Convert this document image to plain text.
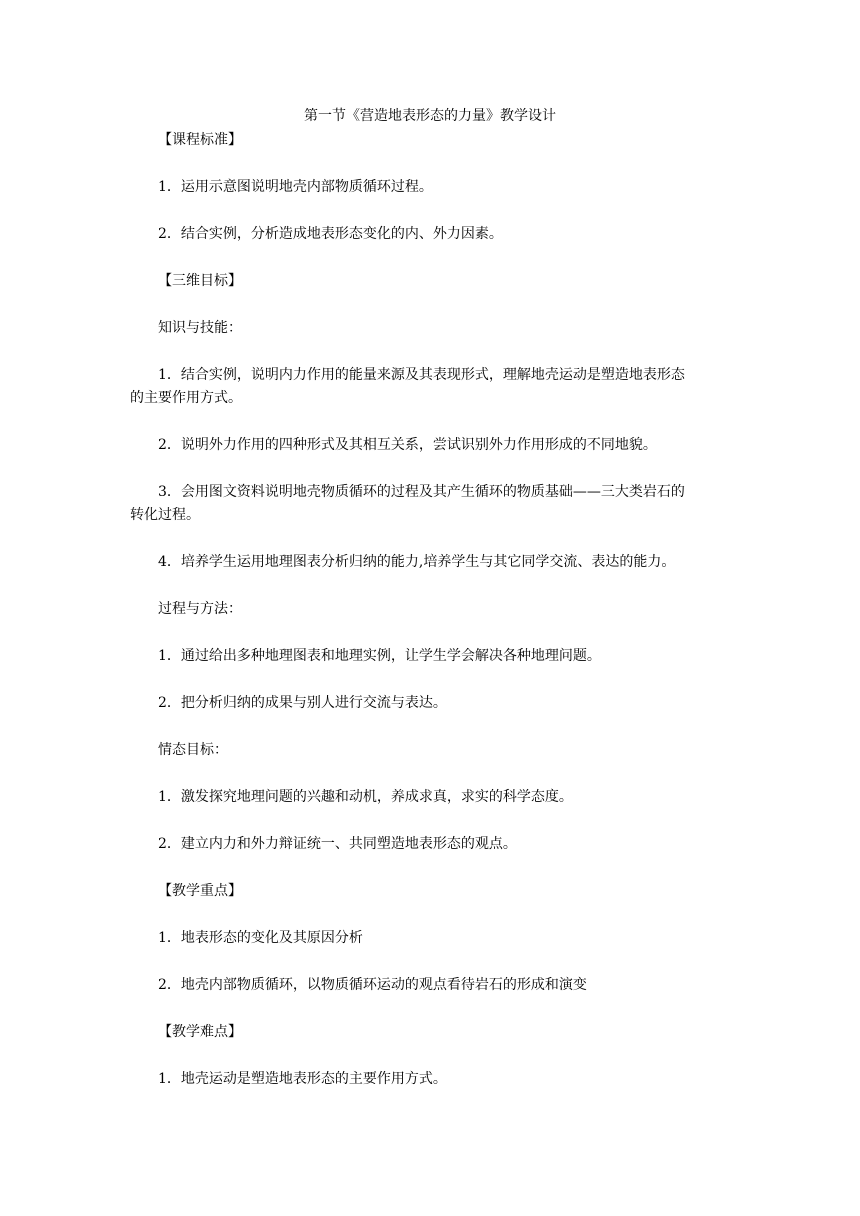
第一节《营造地表形态的力量》教学设计
【课程标准】
1．运用示意图说明地壳内部物质循环过程。
2．结合实例，分析造成地表形态变化的内、外力因素。
【三维目标】
知识与技能：
1．结合实例，说明内力作用的能量来源及其表现形式，理解地壳运动是塑造地表形态
的主要作用方式。
2．说明外力作用的四种形式及其相互关系，尝试识别外力作用形成的不同地貌。
3．会用图文资料说明地壳物质循环的过程及其产生循环的物质基础——三大类岩石的
转化过程。
4．培养学生运用地理图表分析归纳的能力,培养学生与其它同学交流、表达的能力。
过程与方法：
1．通过给出多种地理图表和地理实例，让学生学会解决各种地理问题。
2．把分析归纳的成果与别人进行交流与表达。
情态目标：
1．激发探究地理问题的兴趣和动机，养成求真，求实的科学态度。
2．建立内力和外力辩证统一、共同塑造地表形态的观点。
【教学重点】
1．地表形态的变化及其原因分析
2．地壳内部物质循环，以物质循环运动的观点看待岩石的形成和演变
【教学难点】
1．地壳运动是塑造地表形态的主要作用方式。
